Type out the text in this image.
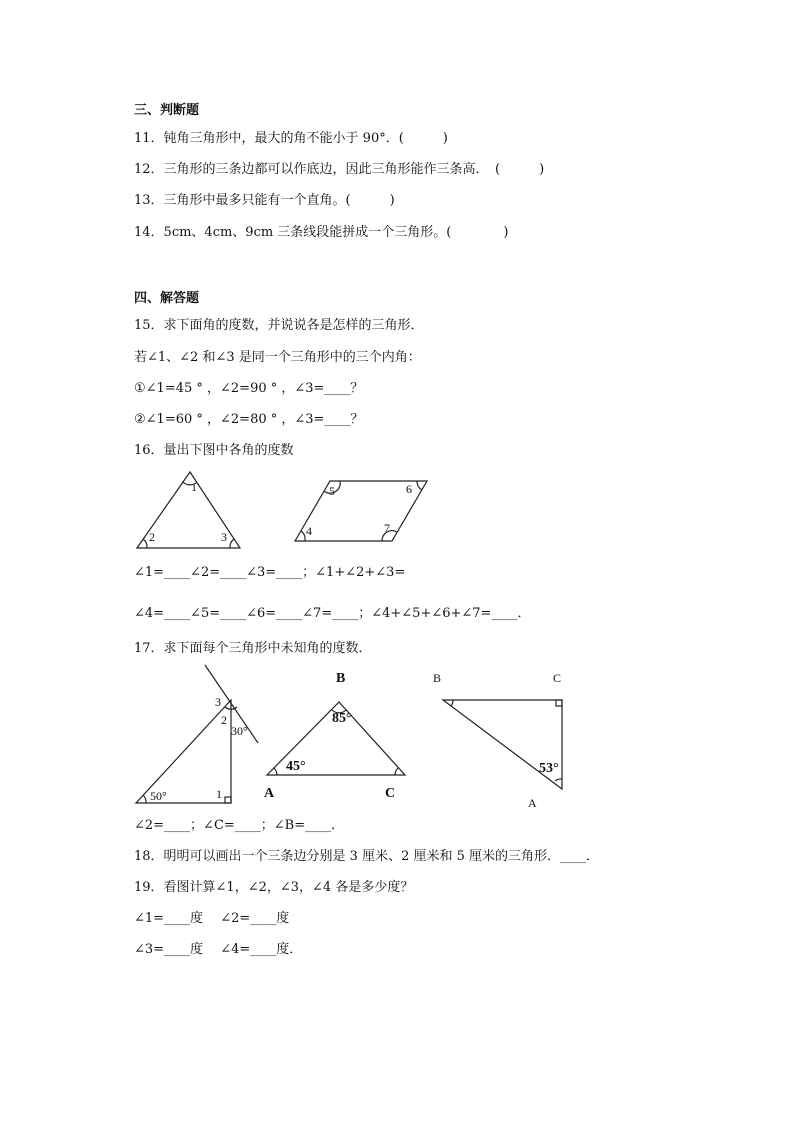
三、判断题
11．钝角三角形中，最大的角不能小于 90°．(　　　)
12．三角形的三条边都可以作底边，因此三角形能作三条高．　(　　　)
13．三角形中最多只能有一个直角。(　　　)
14．5cm、4cm、9cm 三条线段能拼成一个三角形。(　　　　)
四、解答题
15．求下面角的度数，并说说各是怎样的三角形．
若∠1、∠2 和∠3 是同一个三角形中的三个内角：
①∠1=45 ° ，∠2=90 ° ，∠3=____？
②∠1=60 ° ，∠2=80 ° ，∠3=____？
16．量出下图中各角的度数
1
2	3	4
5	6
7
∠1=____∠2=____∠3=____；∠1+∠2+∠3=
∠4=____∠5=____∠6=____∠7=____；∠4+∠5+∠6+∠7=____．
17．求下面每个三角形中未知角的度数．
3
2
30°
1
50°
B
85°
45°
A	C
B	C
53°
A
∠2=____；∠C=____；∠B=____．
18．明明可以画出一个三条边分别是 3 厘米、2 厘米和 5 厘米的三角形．____．
19．看图计算∠1，∠2，∠3，∠4 各是多少度？
∠1=____度　 ∠2=____度
∠3=____度　 ∠4=____度．
